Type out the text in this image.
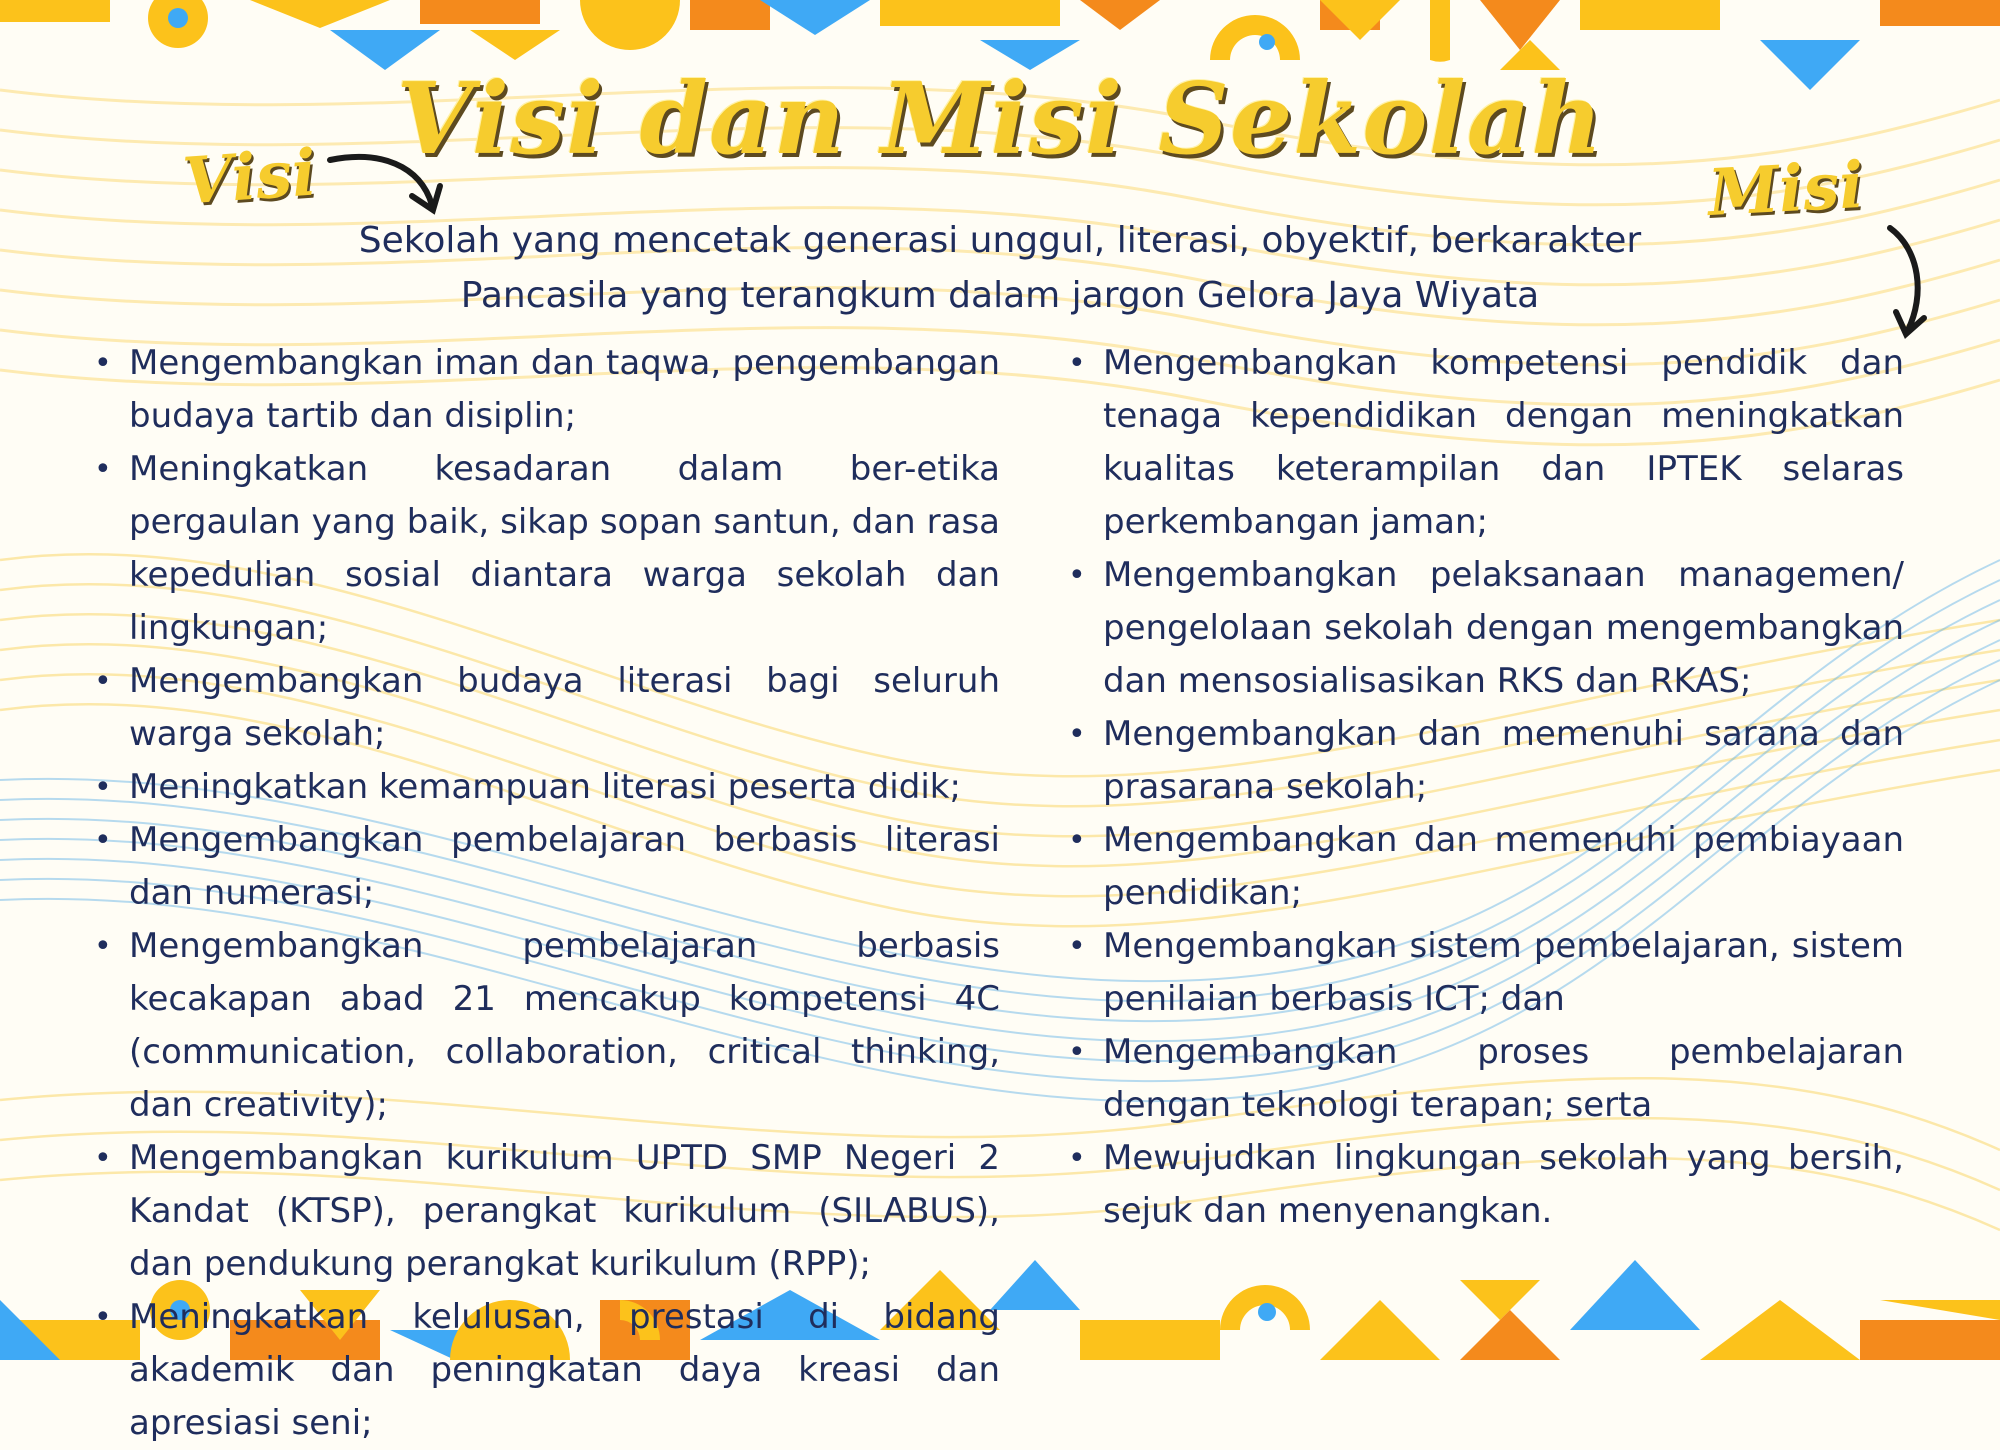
Visi dan Misi Sekolah
Visi	Misi

Sekolah yang mencetak generasi unggul, literasi, obyektif, berkarakter

Pancasila yang terangkum dalam jargon Gelora Jaya Wiyata

• Mengembangkan iman dan taqwa, pengembangan budaya tartib dan disiplin;
• Meningkatkan kesadaran dalam ber-etika pergaulan yang baik, sikap sopan santun, dan rasa kepedulian sosial diantara warga sekolah dan lingkungan;
• Mengembangkan budaya literasi bagi seluruh warga sekolah;
• Meningkatkan kemampuan literasi peserta didik;
• Mengembangkan pembelajaran berbasis literasi dan numerasi;
• Mengembangkan pembelajaran berbasis kecakapan abad 21 mencakup kompetensi 4C (communication, collaboration, critical thinking, dan creativity);
• Mengembangkan kurikulum UPTD SMP Negeri 2 Kandat (KTSP), perangkat kurikulum (SILABUS), dan pendukung perangkat kurikulum (RPP);
• Meningkatkan kelulusan, prestasi di bidang akademik dan peningkatan daya kreasi dan apresiasi seni;
• Mengembangkan kompetensi pendidik dan tenaga kependidikan dengan meningkatkan kualitas keterampilan dan IPTEK selaras perkembangan jaman;
• Mengembangkan pelaksanaan managemen/ pengelolaan sekolah dengan mengembangkan dan mensosialisasikan RKS dan RKAS;
• Mengembangkan dan memenuhi sarana dan prasarana sekolah;
• Mengembangkan dan memenuhi pembiayaan pendidikan;
• Mengembangkan sistem pembelajaran, sistem penilaian berbasis ICT; dan
• Mengembangkan proses pembelajaran dengan teknologi terapan; serta
• Mewujudkan lingkungan sekolah yang bersih, sejuk dan menyenangkan.
